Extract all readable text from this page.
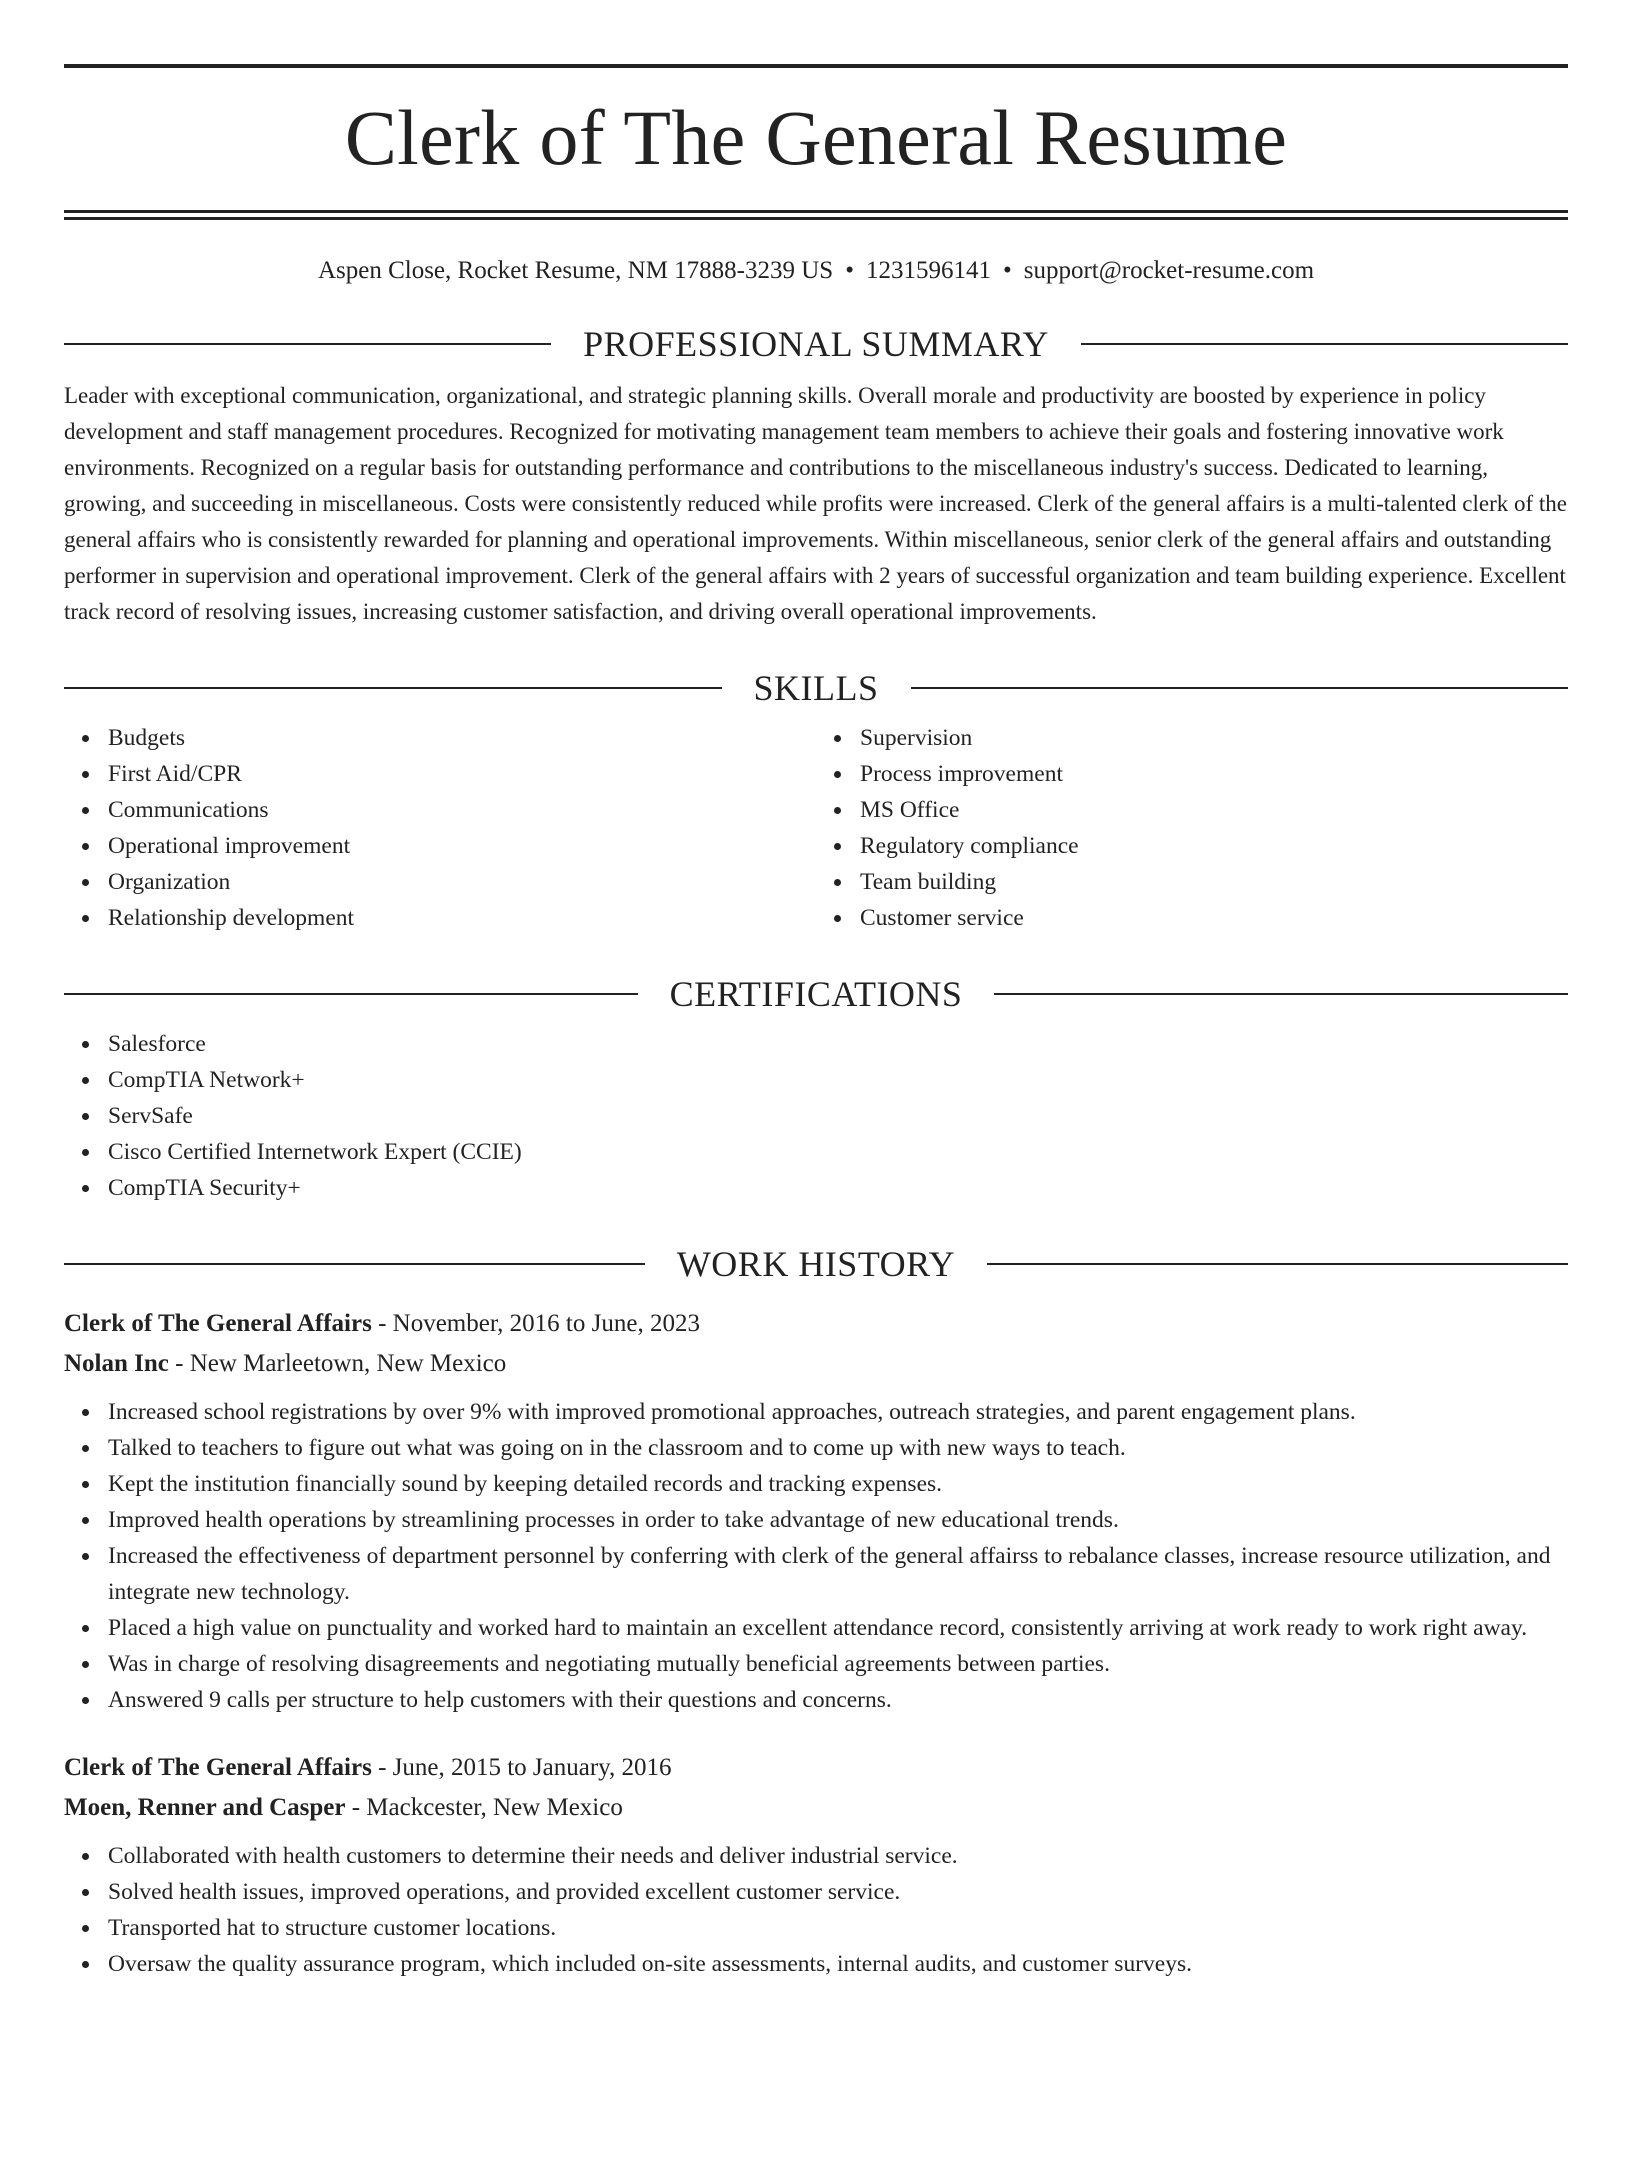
Clerk of The General Resume
Aspen Close, Rocket Resume, NM 17888-3239 US • 1231596141 • support@rocket-resume.com
PROFESSIONAL SUMMARY

Leader with exceptional communication, organizational, and strategic planning skills. Overall morale and productivity are boosted by experience in policy development and staff management procedures. Recognized for motivating management team members to achieve their goals and fostering innovative work environments. Recognized on a regular basis for outstanding performance and contributions to the miscellaneous industry's success. Dedicated to learning, growing, and succeeding in miscellaneous. Costs were consistently reduced while profits were increased. Clerk of the general affairs is a multi-talented clerk of the general affairs who is consistently rewarded for planning and operational improvements. Within miscellaneous, senior clerk of the general affairs and outstanding performer in supervision and operational improvement. Clerk of the general affairs with 2 years of successful organization and team building experience. Excellent track record of resolving issues, increasing customer satisfaction, and driving overall operational improvements.

SKILLS
Budgets
First Aid/CPR
Communications
Operational improvement
Organization
Relationship development
Supervision
Process improvement
MS Office
Regulatory compliance
Team building
Customer service
CERTIFICATIONS
Salesforce
CompTIA Network+
ServSafe
Cisco Certified Internetwork Expert (CCIE)
CompTIA Security+
WORK HISTORY
Clerk of The General Affairs - November, 2016 to June, 2023
Nolan Inc - New Marleetown, New Mexico
Increased school registrations by over 9% with improved promotional approaches, outreach strategies, and parent engagement plans.
Talked to teachers to figure out what was going on in the classroom and to come up with new ways to teach.
Kept the institution financially sound by keeping detailed records and tracking expenses.
Improved health operations by streamlining processes in order to take advantage of new educational trends.
Increased the effectiveness of department personnel by conferring with clerk of the general affairss to rebalance classes, increase resource utilization, and integrate new technology.
Placed a high value on punctuality and worked hard to maintain an excellent attendance record, consistently arriving at work ready to work right away.
Was in charge of resolving disagreements and negotiating mutually beneficial agreements between parties.
Answered 9 calls per structure to help customers with their questions and concerns.
Clerk of The General Affairs - June, 2015 to January, 2016
Moen, Renner and Casper - Mackcester, New Mexico
Collaborated with health customers to determine their needs and deliver industrial service.
Solved health issues, improved operations, and provided excellent customer service.
Transported hat to structure customer locations.
Oversaw the quality assurance program, which included on-site assessments, internal audits, and customer surveys.
